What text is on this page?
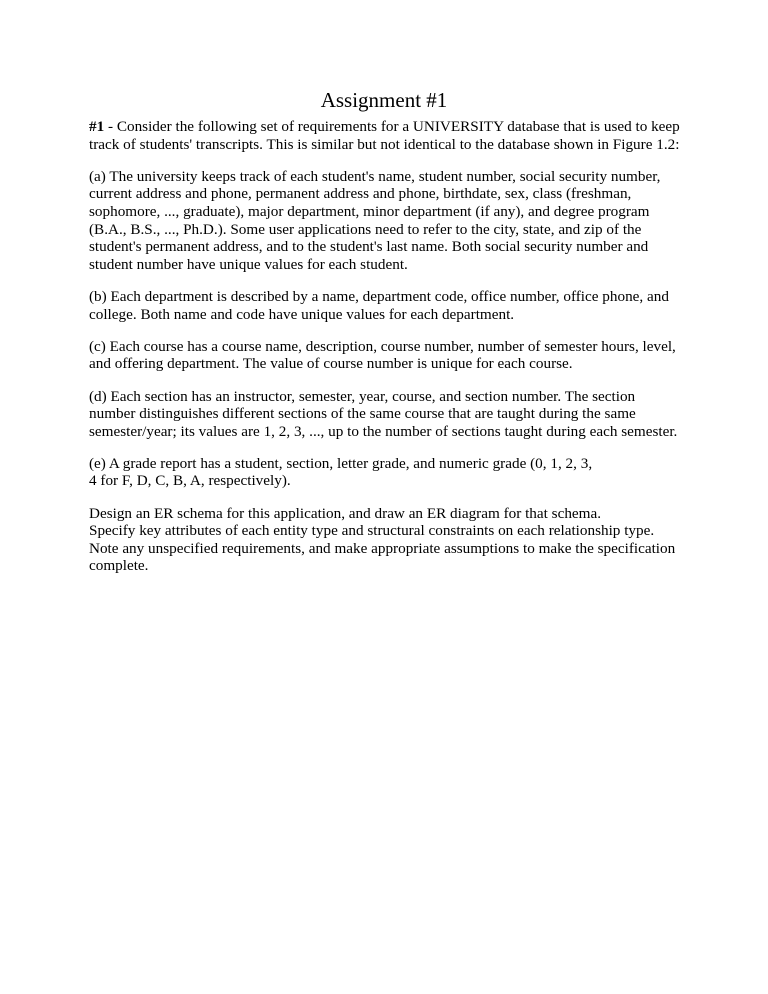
Assignment #1
#1 - Consider the following set of requirements for a UNIVERSITY database that is used to keep
track of students' transcripts. This is similar but not identical to the database shown in Figure 1.2:
(a) The university keeps track of each student's name, student number, social security number,
current address and phone, permanent address and phone, birthdate, sex, class (freshman,
sophomore, ..., graduate), major department, minor department (if any), and degree program
(B.A., B.S., ..., Ph.D.). Some user applications need to refer to the city, state, and zip of the
student's permanent address, and to the student's last name. Both social security number and
student number have unique values for each student.
(b) Each department is described by a name, department code, office number, office phone, and
college. Both name and code have unique values for each department.
(c) Each course has a course name, description, course number, number of semester hours, level,
and offering department. The value of course number is unique for each course.
(d) Each section has an instructor, semester, year, course, and section number. The section
number distinguishes different sections of the same course that are taught during the same
semester/year; its values are 1, 2, 3, ..., up to the number of sections taught during each semester.
(e) A grade report has a student, section, letter grade, and numeric grade (0, 1, 2, 3,
4 for F, D, C, B, A, respectively).
Design an ER schema for this application, and draw an ER diagram for that schema.
Specify key attributes of each entity type and structural constraints on each relationship type.
Note any unspecified requirements, and make appropriate assumptions to make the specification
complete.
